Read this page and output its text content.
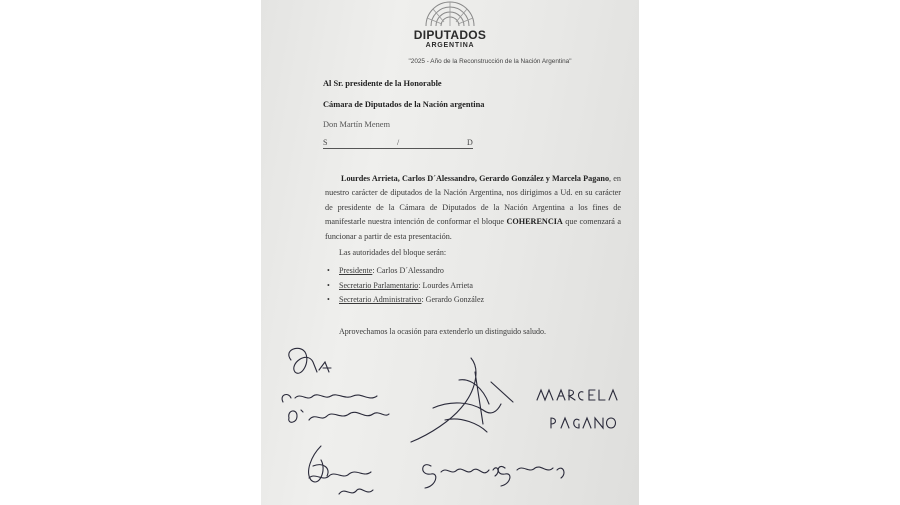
DIPUTADOS

ARGENTINA

"2025 - Año de la Reconstrucción de la Nación Argentina"

Al Sr. presidente de la Honorable

Cámara de Diputados de la Nación argentina

Don Martín Menem

S	/	D

Lourdes Arrieta, Carlos D´Alessandro, Gerardo González y Marcela Pagano, en nuestro carácter de diputados de la Nación Argentina, nos dirigimos a Ud. en su carácter de presidente de la Cámara de Diputados de la Nación Argentina a los fines de manifestarle nuestra intención de conformar el bloque COHERENCIA que comenzará a funcionar a partir de esta presentación.

Las autoridades del bloque serán:

• Presidente: Carlos D´Alessandro

• Secretario Parlamentario: Lourdes Arrieta

• Secretario Administrativo: Gerardo González

Aprovechamos la ocasión para extenderlo un distinguido saludo.
